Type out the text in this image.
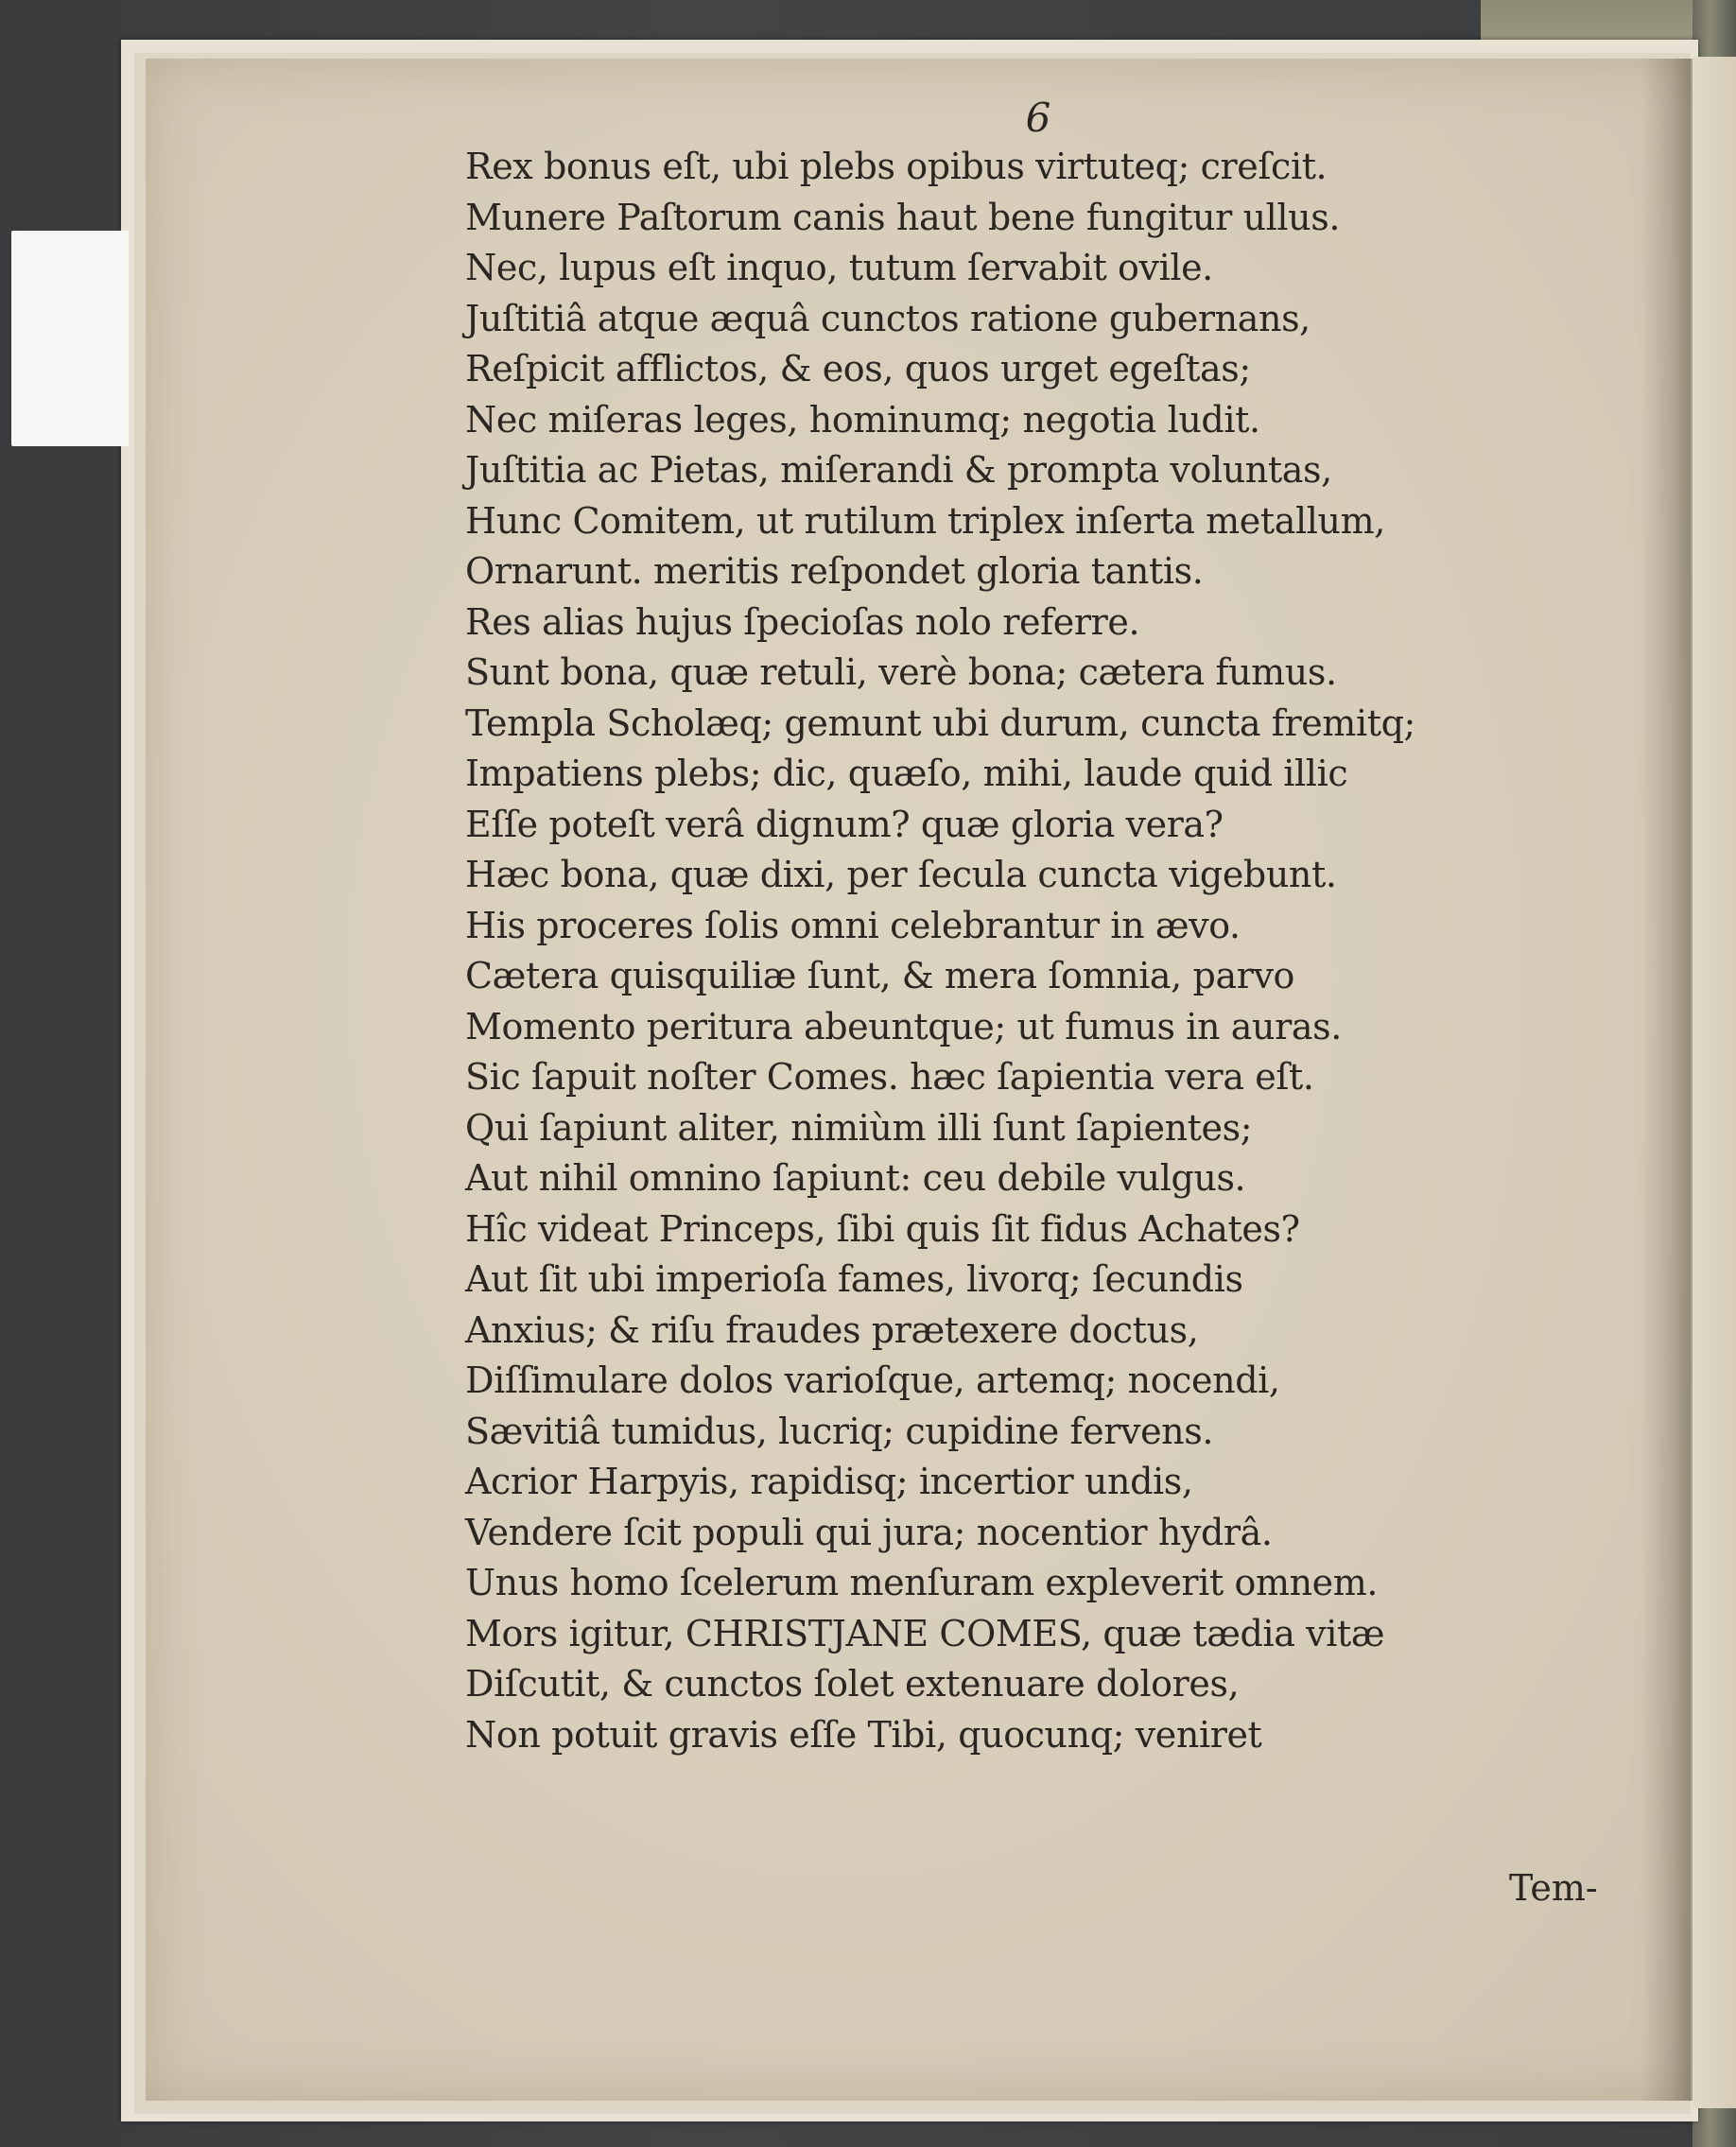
6

Rex bonus eſt, ubi plebs opibus virtuteq; creſcit.
Munere Paſtorum canis haut bene fungitur ullus.
Nec, lupus eſt inquo, tutum ſervabit ovile.
Juſtitiâ atque æquâ cunctos ratione gubernans,
Reſpicit afflictos, & eos, quos urget egeſtas;
Nec miſeras leges, hominumq; negotia ludit.
Juſtitia ac Pietas, miſerandi & prompta voluntas,
Hunc Comitem, ut rutilum triplex inſerta metallum,
Ornarunt. meritis reſpondet gloria tantis.
Res alias hujus ſpecioſas nolo referre.
Sunt bona, quæ retuli, verè bona; cætera fumus.
Templa Scholæq; gemunt ubi durum, cuncta fremitq;
Impatiens plebs; dic, quæſo, mihi, laude quid illic
Eſſe poteſt verâ dignum? quæ gloria vera?
Hæc bona, quæ dixi, per ſecula cuncta vigebunt.
His proceres ſolis omni celebrantur in ævo.
Cætera quisquiliæ ſunt, & mera ſomnia, parvo
Momento peritura abeuntque; ut fumus in auras.
Sic ſapuit noſter Comes. hæc ſapientia vera eſt.
Qui ſapiunt aliter, nimiùm illi ſunt ſapientes;
Aut nihil omnino ſapiunt: ceu debile vulgus.
Hîc videat Princeps, ſibi quis ſit fidus Achates?
Aut ſit ubi imperioſa fames, livorq; ſecundis
Anxius; & riſu fraudes prætexere doctus,
Diſſimulare dolos varioſque, artemq; nocendi,
Sævitiâ tumidus, lucriq; cupidine fervens.
Acrior Harpyis, rapidisq; incertior undis,
Vendere ſcit populi qui jura; nocentior hydrâ.
Unus homo ſcelerum menſuram expleverit omnem.
Mors igitur, CHRISTJANE COMES, quæ tædia vitæ
Diſcutit, & cunctos ſolet extenuare dolores,
Non potuit gravis eſſe Tibi, quocunq; veniret

Tem-
